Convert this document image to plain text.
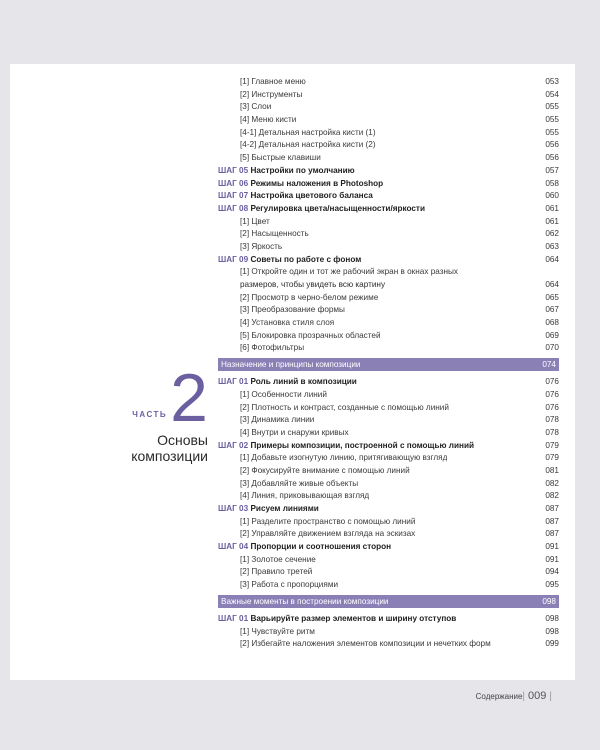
ЧАСТЬ 2
Основы
композиции
[1] Главное меню	053
[2] Инструменты	054
[3] Слои	055
[4] Меню кисти	055
[4-1] Детальная настройка кисти (1)	055
[4-2] Детальная настройка кисти (2)	056
[5] Быстрые клавиши	056
ШАГ 05 Настройки по умолчанию	057
ШАГ 06 Режимы наложения в Photoshop	058
ШАГ 07 Настройка цветового баланса	060
ШАГ 08 Регулировка цвета/насыщенности/яркости	061
[1] Цвет	061
[2] Насыщенность	062
[3] Яркость	063
ШАГ 09 Советы по работе с фоном	064
[1] Откройте один и тот же рабочий экран в окнах разных
размеров, чтобы увидеть всю картину	064
[2] Просмотр в черно-белом режиме	065
[3] Преобразование формы	067
[4] Установка стиля слоя	068
[5] Блокировка прозрачных областей	069
[6] Фотофильтры	070
Назначение и принципы композиции	074
ШАГ 01 Роль линий в композиции	076
[1] Особенности линий	076
[2] Плотность и контраст, созданные с помощью линий	076
[3] Динамика линии	078
[4] Внутри и снаружи кривых	078
ШАГ 02 Примеры композиции, построенной с помощью линий	079
[1] Добавьте изогнутую линию, притягивающую взгляд	079
[2] Фокусируйте внимание с помощью линий	081
[3] Добавляйте живые объекты	082
[4] Линия, приковывающая взгляд	082
ШАГ 03 Рисуем линиями	087
[1] Разделите пространство с помощью линий	087
[2] Управляйте движением взгляда на эскизах	087
ШАГ 04 Пропорции и соотношения сторон	091
[1] Золотое сечение	091
[2] Правило третей	094
[3] Работа с пропорциями	095
Важные моменты в построении композиции	098
ШАГ 01 Варьируйте размер элементов и ширину отступов	098
[1] Чувствуйте ритм	098
[2] Избегайте наложения элементов композиции и нечетких форм	099
Содержание | 009 |
